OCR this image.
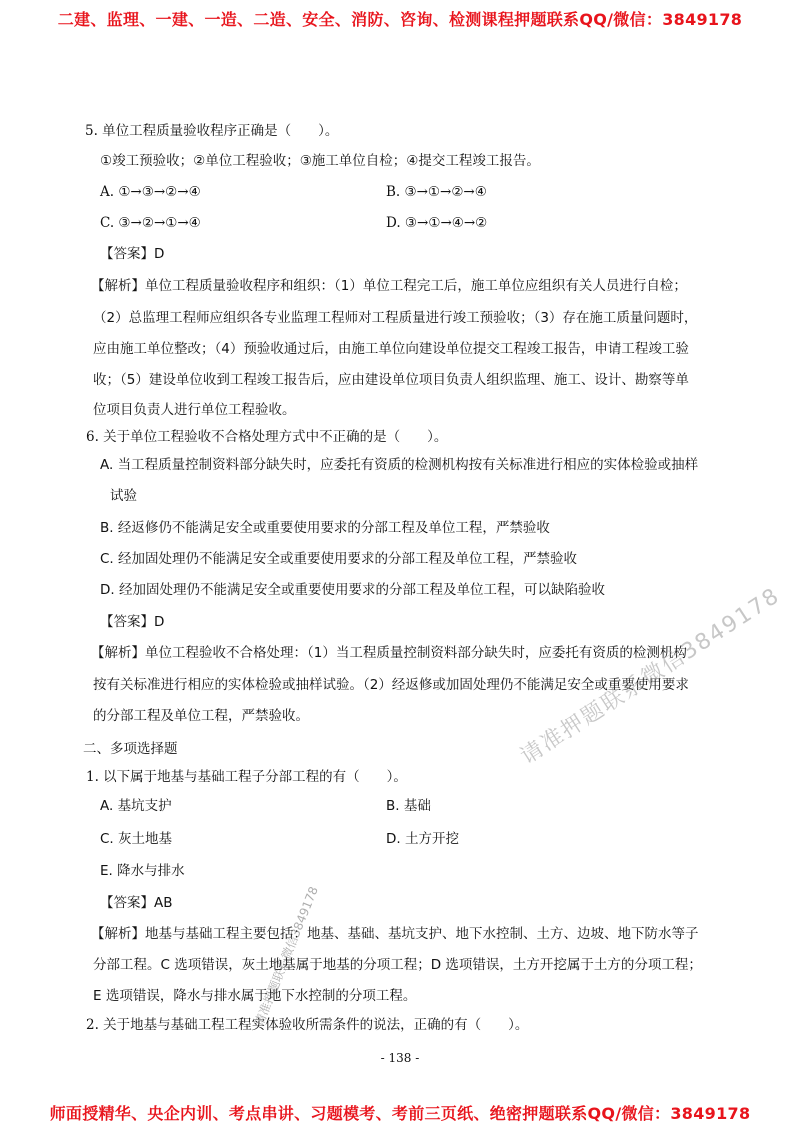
二建、监理、一建、一造、二造、安全、消防、咨询、检测课程押题联系QQ/微信：3849178
5. 单位工程质量验收程序正确是（　　）。
①竣工预验收；②单位工程验收；③施工单位自检；④提交工程竣工报告。
A. ①→③→②→④	B. ③→①→②→④
C. ③→②→①→④	D. ③→①→④→②
【答案】D
【解析】单位工程质量验收程序和组织：（1）单位工程完工后，施工单位应组织有关人员进行自检；
（2）总监理工程师应组织各专业监理工程师对工程质量进行竣工预验收；（3）存在施工质量问题时，
应由施工单位整改；（4）预验收通过后，由施工单位向建设单位提交工程竣工报告，申请工程竣工验
收；（5）建设单位收到工程竣工报告后，应由建设单位项目负责人组织监理、施工、设计、勘察等单
位项目负责人进行单位工程验收。
6. 关于单位工程验收不合格处理方式中不正确的是（　　）。
A. 当工程质量控制资料部分缺失时，应委托有资质的检测机构按有关标准进行相应的实体检验或抽样
试验
B. 经返修仍不能满足安全或重要使用要求的分部工程及单位工程，严禁验收
C. 经加固处理仍不能满足安全或重要使用要求的分部工程及单位工程，严禁验收
D. 经加固处理仍不能满足安全或重要使用要求的分部工程及单位工程，可以缺陷验收
【答案】D
【解析】单位工程验收不合格处理：（1）当工程质量控制资料部分缺失时，应委托有资质的检测机构
按有关标准进行相应的实体检验或抽样试验。（2）经返修或加固处理仍不能满足安全或重要使用要求
的分部工程及单位工程，严禁验收。
二、多项选择题
1. 以下属于地基与基础工程子分部工程的有（　　）。
A. 基坑支护	B. 基础
C. 灰土地基	D. 土方开挖
E. 降水与排水
【答案】AB
【解析】地基与基础工程主要包括：地基、基础、基坑支护、地下水控制、土方、边坡、地下防水等子
分部工程。C 选项错误，灰土地基属于地基的分项工程；D 选项错误，土方开挖属于土方的分项工程；
E 选项错误，降水与排水属于地下水控制的分项工程。
2. 关于地基与基础工程工程实体验收所需条件的说法，正确的有（　　）。
请准押题联系微信3849178
请准押题联系微信3849178
- 138 -
师面授精华、央企内训、考点串讲、习题模考、考前三页纸、绝密押题联系QQ/微信：3849178
